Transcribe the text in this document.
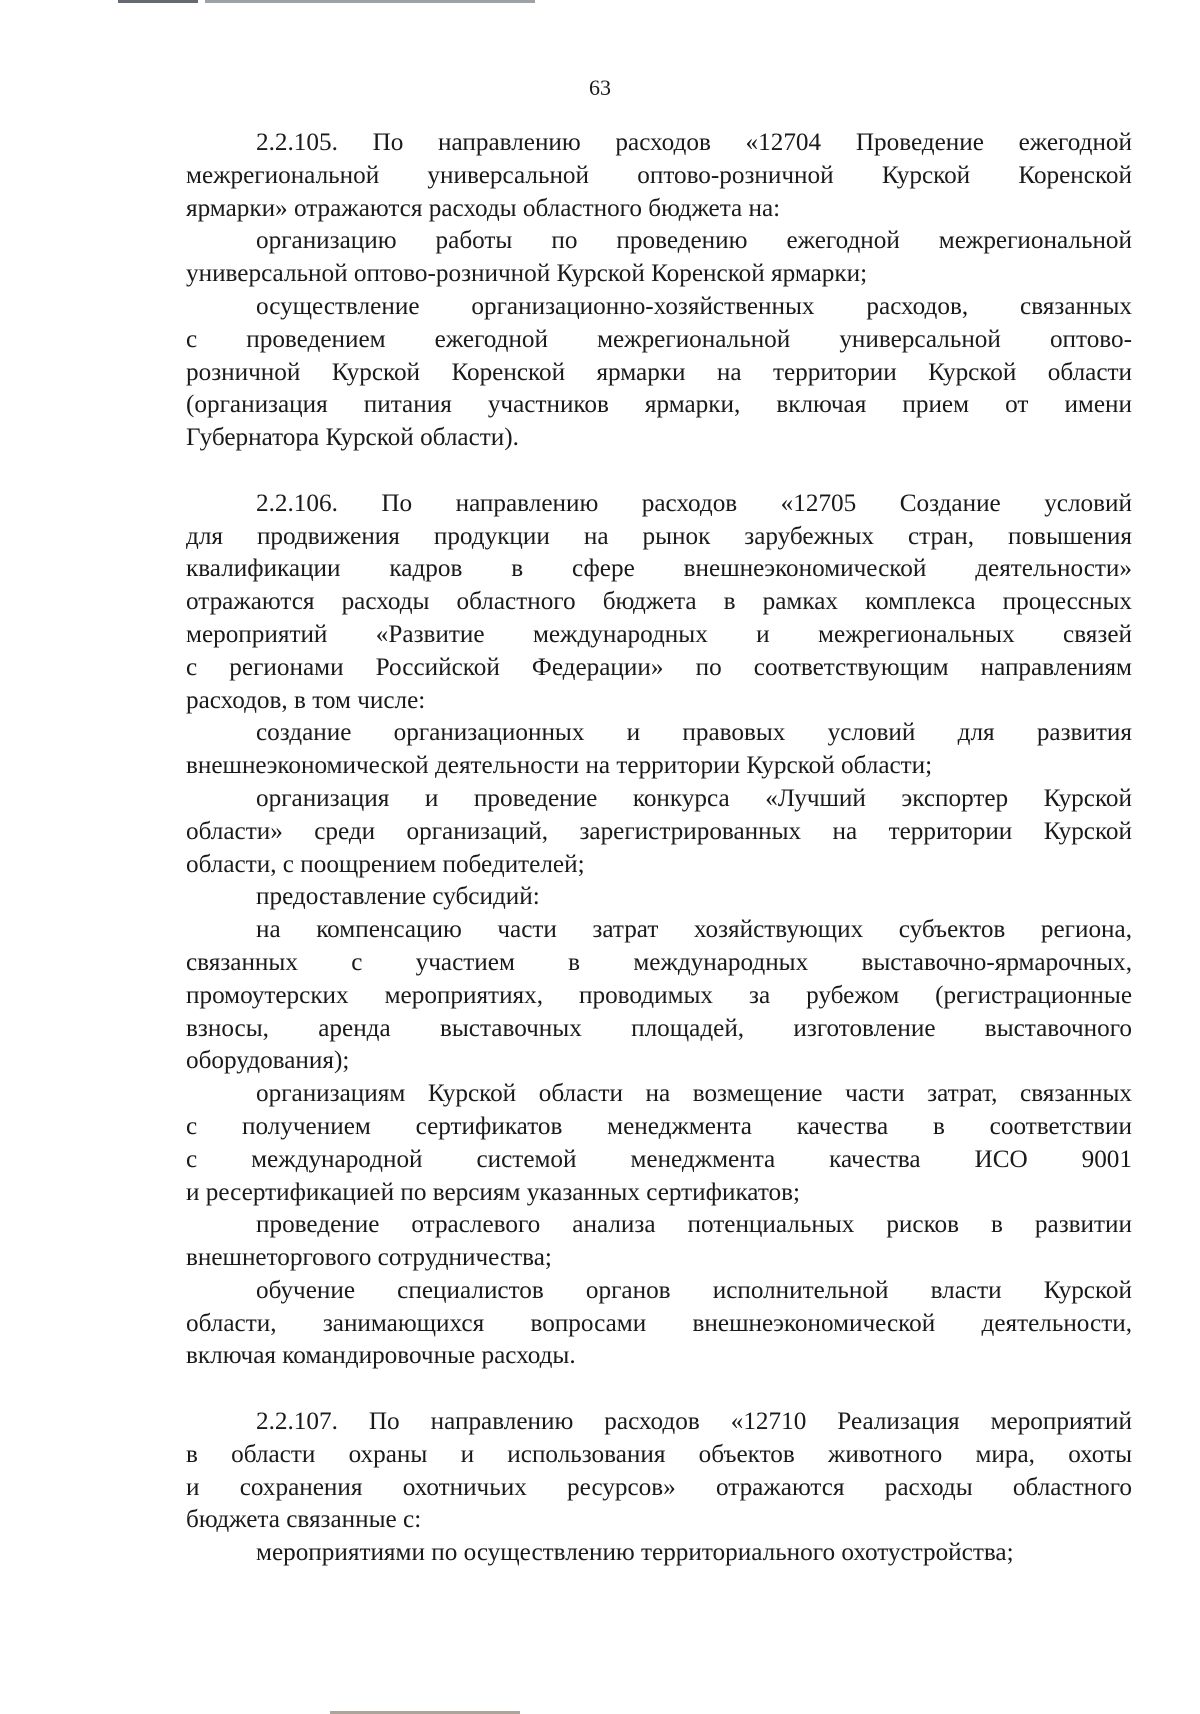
63
2.2.105. По направлению расходов «12704 Проведение ежегодной
межрегиональной универсальной оптово-розничной Курской Коренской
ярмарки» отражаются расходы областного бюджета на:
организацию работы по проведению ежегодной межрегиональной
универсальной оптово-розничной Курской Коренской ярмарки;
осуществление организационно-хозяйственных расходов, связанных
с проведением ежегодной межрегиональной универсальной оптово-
розничной Курской Коренской ярмарки на территории Курской области
(организация питания участников ярмарки, включая прием от имени
Губернатора Курской области).
2.2.106. По направлению расходов «12705 Создание условий
для продвижения продукции на рынок зарубежных стран, повышения
квалификации кадров в сфере внешнеэкономической деятельности»
отражаются расходы областного бюджета в рамках комплекса процессных
мероприятий «Развитие международных и межрегиональных связей
с регионами Российской Федерации» по соответствующим направлениям
расходов, в том числе:
создание организационных и правовых условий для развития
внешнеэкономической деятельности на территории Курской области;
организация и проведение конкурса «Лучший экспортер Курской
области» среди организаций, зарегистрированных на территории Курской
области, с поощрением победителей;
предоставление субсидий:
на компенсацию части затрат хозяйствующих субъектов региона,
связанных с участием в международных выставочно-ярмарочных,
промоутерских мероприятиях, проводимых за рубежом (регистрационные
взносы, аренда выставочных площадей, изготовление выставочного
оборудования);
организациям Курской области на возмещение части затрат, связанных
с получением сертификатов менеджмента качества в соответствии
с международной системой менеджмента качества ИСО 9001
и ресертификацией по версиям указанных сертификатов;
проведение отраслевого анализа потенциальных рисков в развитии
внешнеторгового сотрудничества;
обучение специалистов органов исполнительной власти Курской
области, занимающихся вопросами внешнеэкономической деятельности,
включая командировочные расходы.
2.2.107. По направлению расходов «12710 Реализация мероприятий
в области охраны и использования объектов животного мира, охоты
и сохранения охотничьих ресурсов» отражаются расходы областного
бюджета связанные с:
мероприятиями по осуществлению территориального охотустройства;
